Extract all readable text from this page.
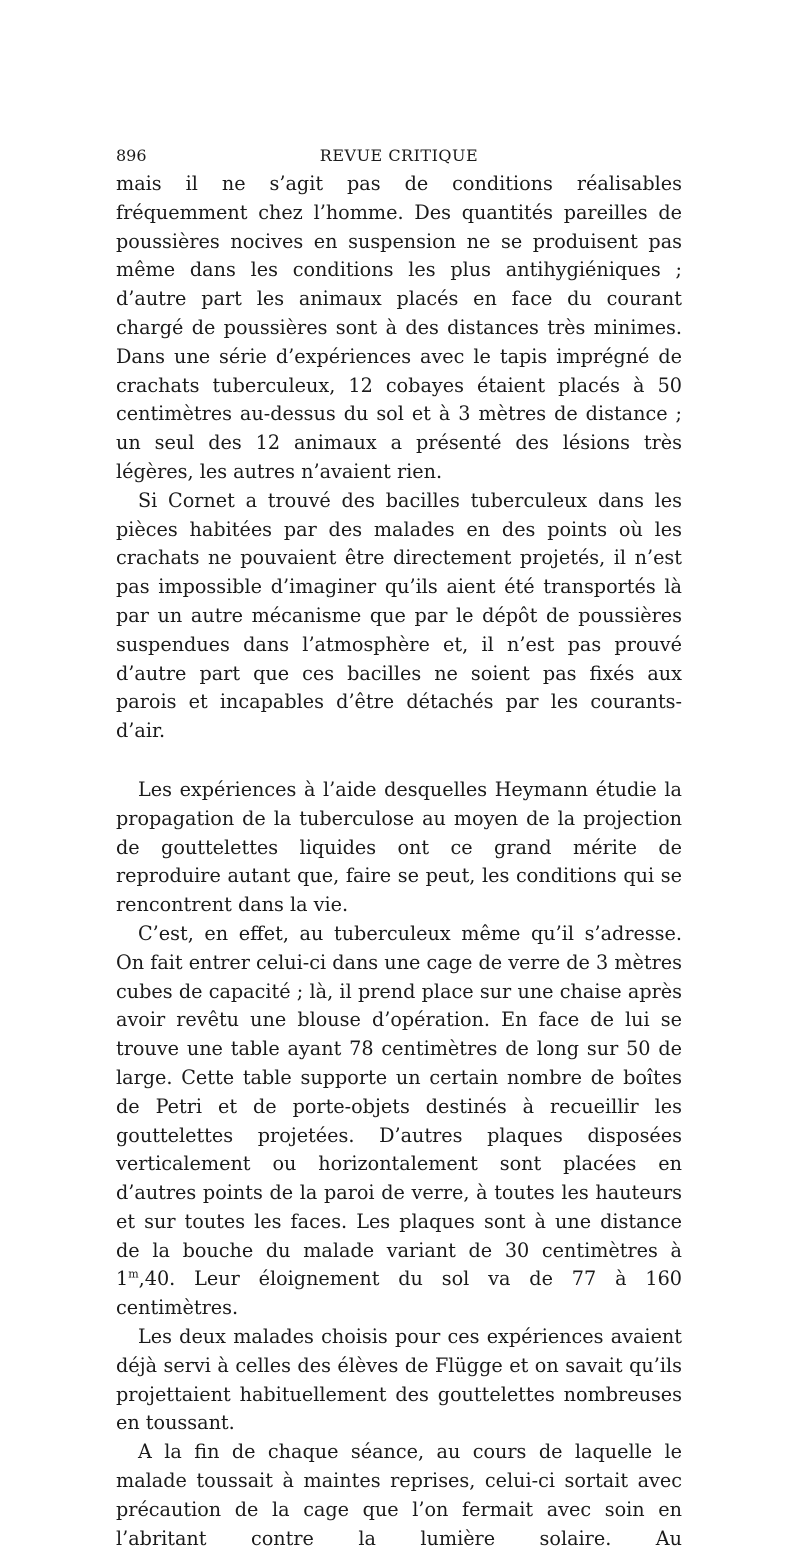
896	REVUE CRITIQUE

mais il ne s’agit pas de conditions réalisables fréquemment chez l’homme. Des quantités pareilles de poussières nocives en suspension ne se produisent pas même dans les conditions les plus antihygiéniques ; d’autre part les animaux placés en face du courant chargé de poussières sont à des distances très minimes. Dans une série d’expériences avec le tapis imprégné de crachats tuberculeux, 12 cobayes étaient placés à 50 centimètres au-dessus du sol et à 3 mètres de distance ; un seul des 12 animaux a présenté des lésions très légères, les autres n’avaient rien.

Si Cornet a trouvé des bacilles tuberculeux dans les pièces habitées par des malades en des points où les crachats ne pouvaient être directement projetés, il n’est pas impossible d’imaginer qu’ils aient été transportés là par un autre mécanisme que par le dépôt de poussières suspendues dans l’atmosphère et, il n’est pas prouvé d’autre part que ces bacilles ne soient pas fixés aux parois et incapables d’être détachés par les courants-d’air.

Les expériences à l’aide desquelles Heymann étudie la propagation de la tuberculose au moyen de la projection de gouttelettes liquides ont ce grand mérite de reproduire autant que, faire se peut, les conditions qui se rencontrent dans la vie.

C’est, en effet, au tuberculeux même qu’il s’adresse. On fait entrer celui-ci dans une cage de verre de 3 mètres cubes de capacité ; là, il prend place sur une chaise après avoir revêtu une blouse d’opération. En face de lui se trouve une table ayant 78 centimètres de long sur 50 de large. Cette table supporte un certain nombre de boîtes de Petri et de porte-objets destinés à recueillir les gouttelettes projetées. D’autres plaques disposées verticalement ou horizontalement sont placées en d’autres points de la paroi de verre, à toutes les hauteurs et sur toutes les faces. Les plaques sont à une distance de la bouche du malade variant de 30 centimètres à 1$^m$,40. Leur éloignement du sol va de 77 à 160 centimètres.

Les deux malades choisis pour ces expériences avaient déjà servi à celles des élèves de Flügge et on savait qu’ils projettaient habituellement des gouttelettes nombreuses en toussant.

A la fin de chaque séance, au cours de laquelle le malade toussait à maintes reprises, celui-ci sortait avec précaution de la cage que l’on fermait avec soin en l’abritant contre la lumière solaire. Au
